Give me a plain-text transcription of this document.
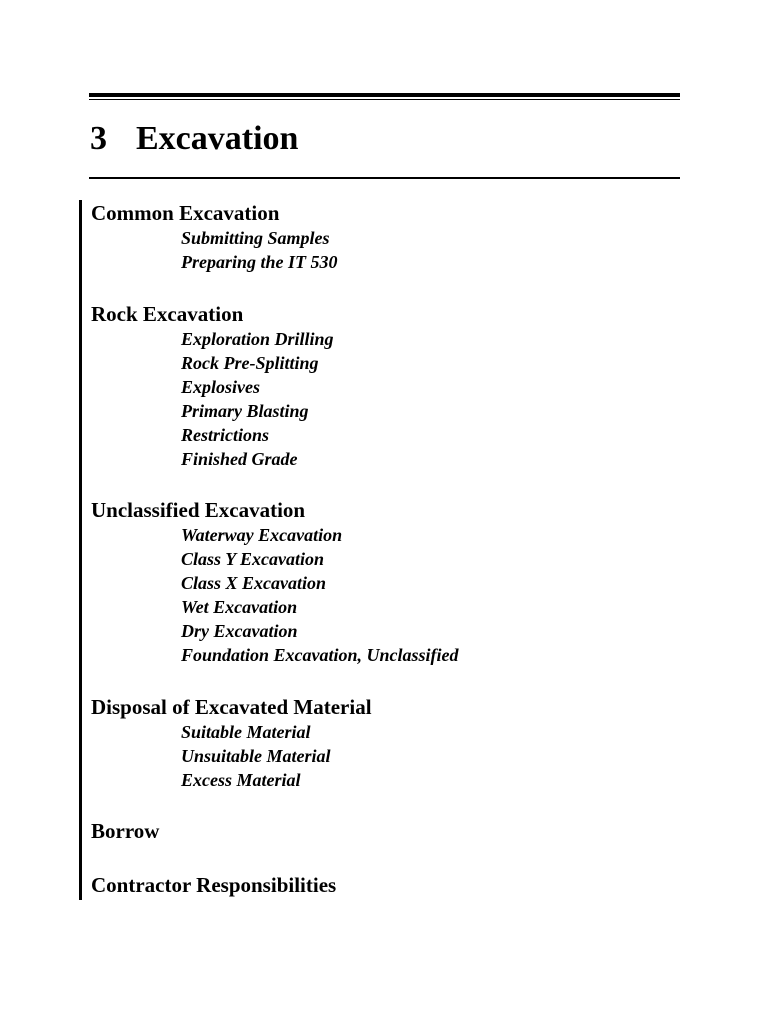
3 Excavation
Common Excavation
Submitting Samples
Preparing the IT 530
Rock Excavation
Exploration Drilling
Rock Pre-Splitting
Explosives
Primary Blasting
Restrictions
Finished Grade
Unclassified Excavation
Waterway Excavation
Class Y Excavation
Class X Excavation
Wet Excavation
Dry Excavation
Foundation Excavation, Unclassified
Disposal of Excavated Material
Suitable Material
Unsuitable Material
Excess Material
Borrow
Contractor Responsibilities
